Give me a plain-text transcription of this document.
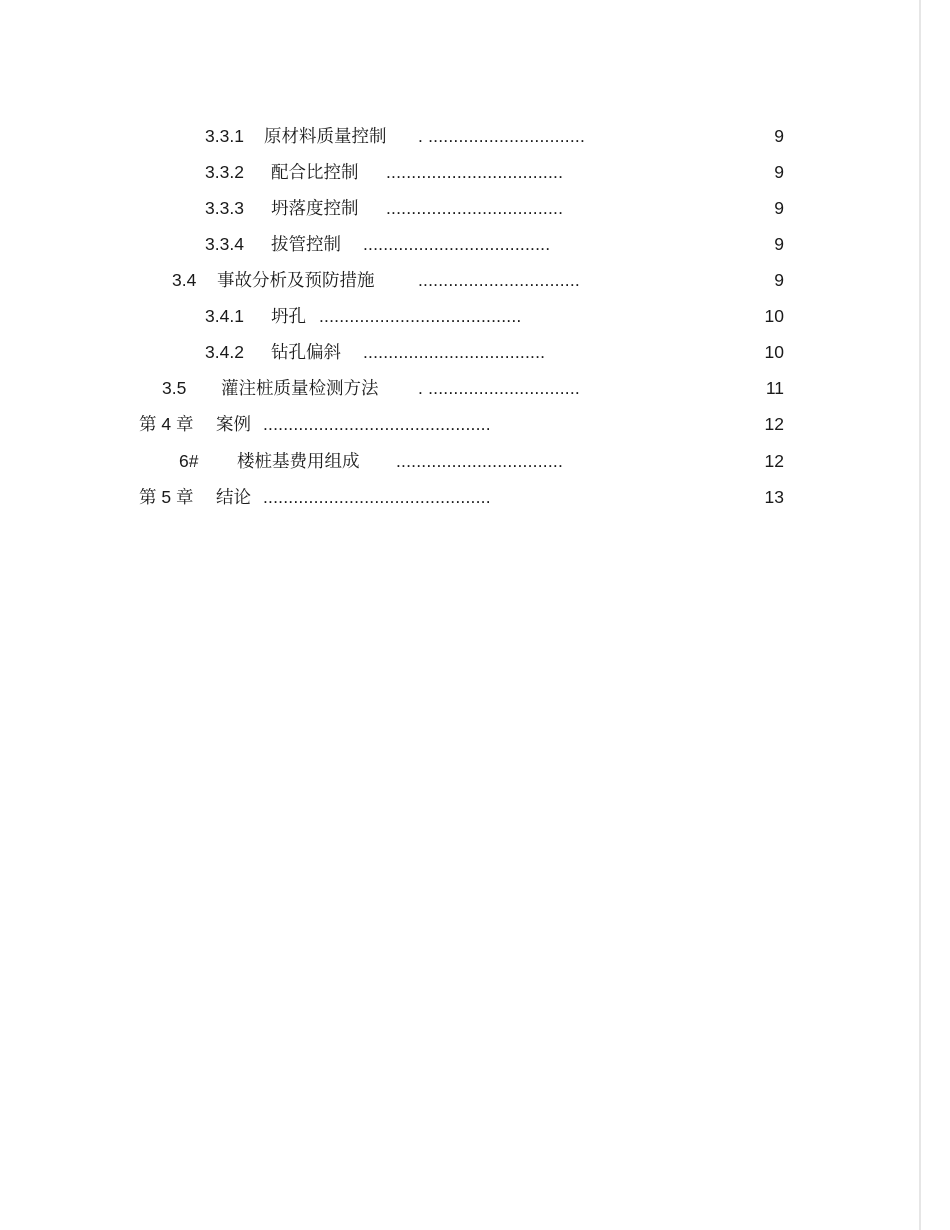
3.3.1 原材料质量控制 . ...............................	9
3.3.2 配合比控制 ...................................	9
3.3.3 坍落度控制 ...................................	9
3.3.4 拔管控制 .....................................	9
3.4 事故分析及预防措施 ................................	9
3.4.1 坍孔 ........................................	10
3.4.2 钻孔偏斜 ....................................	10
3.5 灌注桩质量检测方法 . ..............................	11
第 4 章 案例 .............................................	12
6# 楼桩基费用组成 .................................	12
第 5 章 结论 .............................................	13
